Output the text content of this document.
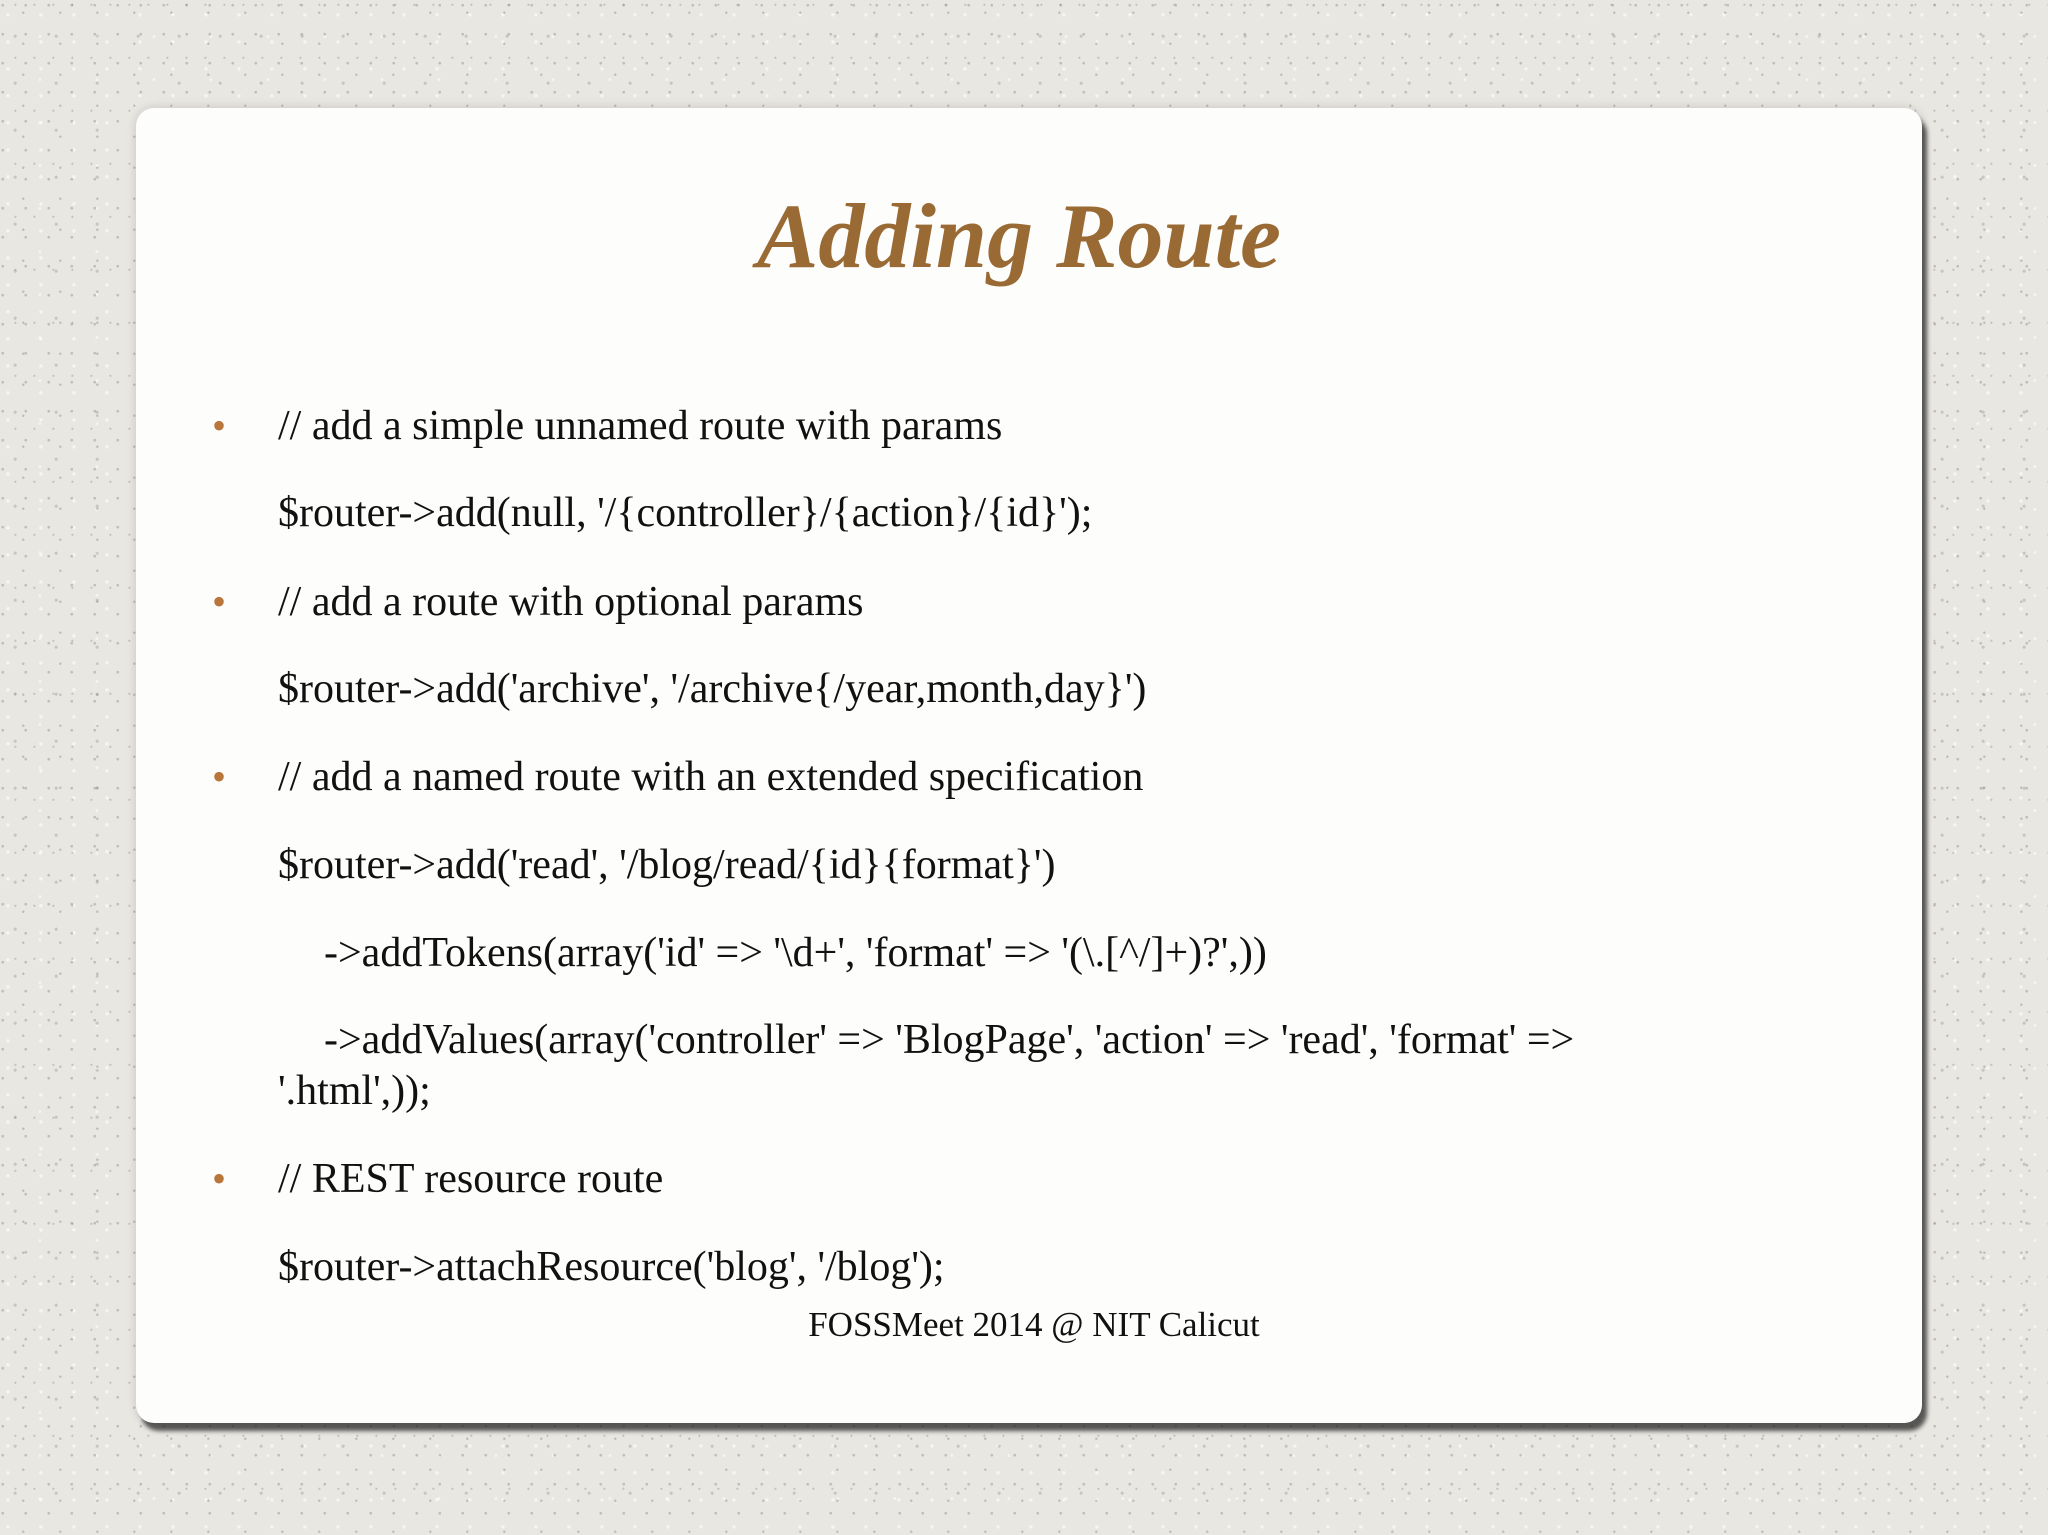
Adding Route
• // add a simple unnamed route with params
$router->add(null, '/{controller}/{action}/{id}');
• // add a route with optional params
$router->add('archive', '/archive{/year,month,day}')
• // add a named route with an extended specification
$router->add('read', '/blog/read/{id}{format}')
->addTokens(array('id' => '\d+', 'format' => '(\.[^/]+)?',))
->addValues(array('controller' => 'BlogPage', 'action' => 'read', 'format' =>
'.html',));
• // REST resource route
$router->attachResource('blog', '/blog');
FOSSMeet 2014 @ NIT Calicut
